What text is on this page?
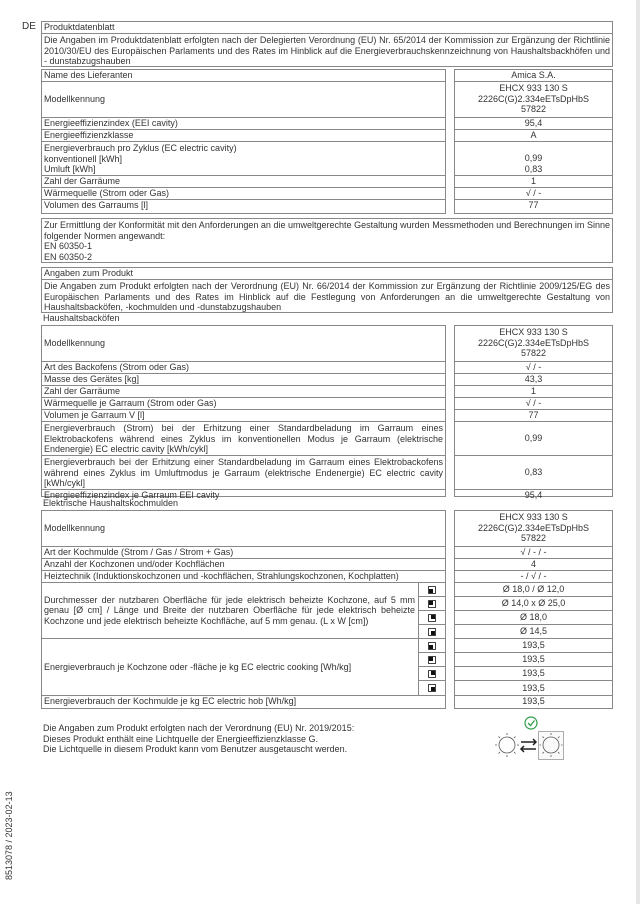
DE Produktdatenblatt
Die Angaben im Produktdatenblatt erfolgten nach der Delegierten Verordnung (EU) Nr. 65/2014 der Kommission zur Ergänzung der Richtlinie 2010/30/EU des Europäischen Parlaments und des Rates im Hinblick auf die Energieverbrauchskennzeichnung von Haushaltsbackhöfen und - dunstabzugshauben
Name des Lieferanten
Modellkennung
Energieeffizienzindex (EEI cavity)
Energieeffizienzklasse
Energieverbrauch pro Zyklus (EC electric cavity)
konventionell [kWh]
Umluft [kWh]
Zahl der Garräume
Wärmequelle (Strom oder Gas)
Volumen des Garraums [l]
Amica S.A.
EHCX 933 130 S
2226C(G)2.334eETsDpHbS
57822
95,4
A
0,99
0,83
1
√ / -
77
Zur Ermittlung der Konformität mit den Anforderungen an die umweltgerechte Gestaltung wurden Messmethoden und Berechnungen im Sinne folgender Normen angewandt:
EN 60350-1
EN 60350-2
Angaben zum Produkt
Die Angaben zum Produkt erfolgten nach der Verordnung (EU) Nr. 66/2014 der Kommission zur Ergänzung der Richtlinie 2009/125/EG des Europäischen Parlaments und des Rates im Hinblick auf die Festlegung von Anforderungen an die umweltgerechte Gestaltung von Haushaltsbacköfen, -kochmulden und -dunstabzugshauben
Haushaltsbacköfen
Modellkennung
Art des Backofens (Strom oder Gas)
Masse des Gerätes [kg]
Zahl der Garräume
Wärmequelle je Garraum (Strom oder Gas)
Volumen je Garraum V [l]
Energieverbrauch (Strom) bei der Erhitzung einer Standardbeladung im Garraum eines Elektrobackofens während eines Zyklus im konventionellen Modus je Garraum (elektrische Endenergie) EC electric cavity [kWh/cykl]
Energieverbrauch bei der Erhitzung einer Standardbeladung im Garraum eines Elektrobackofens während eines Zyklus im Umluftmodus je Garraum (elektrische Endenergie) EC electric cavity [kWh/cykl]
Energieeffizienzindex je Garraum EEI cavity
EHCX 933 130 S
2226C(G)2.334eETsDpHbS
57822
√ / -
43,3
1
√ / -
77
0,99
0,83
95,4
Elektrische Haushaltskochmulden
Modellkennung
Art der Kochmulde (Strom / Gas / Strom + Gas)
Anzahl der Kochzonen und/oder Kochflächen
Heiztechnik (Induktionskochzonen und -kochflächen, Strahlungskochzonen, Kochplatten)
Durchmesser der nutzbaren Oberfläche für jede elektrisch beheizte Kochzone, auf 5 mm genau [Ø cm] / Länge und Breite der nutzbaren Oberfläche für jede elektrisch beheizte Kochzone und jede elektrisch beheizte Kochfläche, auf 5 mm genau. (L x W [cm])
Energieverbrauch je Kochzone oder -fläche je kg EC electric cooking [Wh/kg]
Energieverbrauch der Kochmulde je kg EC electric hob [Wh/kg]
EHCX 933 130 S
2226C(G)2.334eETsDpHbS
57822
√ / - / -
4
- / √ / -
Ø 18,0 / Ø 12,0
Ø 14,0 x Ø 25,0
Ø 18,0
Ø 14,5
193,5
193,5
193,5
193,5
193,5
Die Angaben zum Produkt erfolgten nach der Verordnung (EU) Nr. 2019/2015:
Dieses Produkt enthält eine Lichtquelle der Energieeffizienzklasse G.
Die Lichtquelle in diesem Produkt kann vom Benutzer ausgetauscht werden.
8513078 / 2023-02-13
